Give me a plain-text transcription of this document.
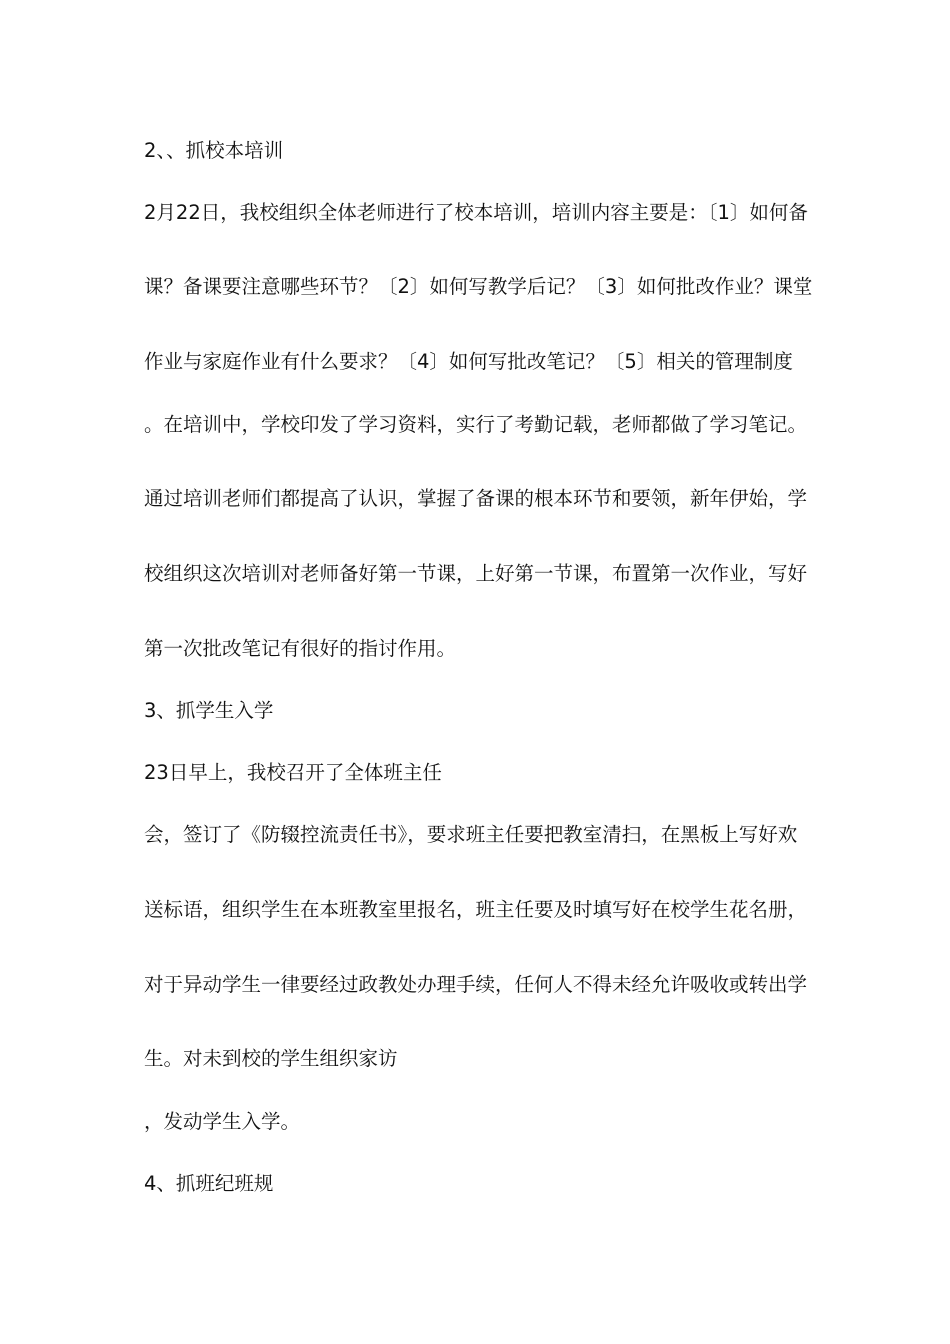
2、、抓校本培训
2月22日，我校组织全体老师进行了校本培训，培训内容主要是：〔1〕如何备
课？备课要注意哪些环节？〔2〕如何写教学后记？〔3〕如何批改作业？课堂
作业与家庭作业有什么要求？〔4〕如何写批改笔记？〔5〕相关的管理制度
。在培训中，学校印发了学习资料，实行了考勤记载，老师都做了学习笔记。
通过培训老师们都提高了认识，掌握了备课的根本环节和要领，新年伊始，学
校组织这次培训对老师备好第一节课，上好第一节课，布置第一次作业，写好
第一次批改笔记有很好的指讨作用。
3、抓学生入学
23日早上，我校召开了全体班主任
会，签订了《防辍控流责任书》，要求班主任要把教室清扫，在黑板上写好欢
送标语，组织学生在本班教室里报名，班主任要及时填写好在校学生花名册，
对于异动学生一律要经过政教处办理手续，任何人不得未经允许吸收或转出学
生。对未到校的学生组织家访
，发动学生入学。
4、抓班纪班规
